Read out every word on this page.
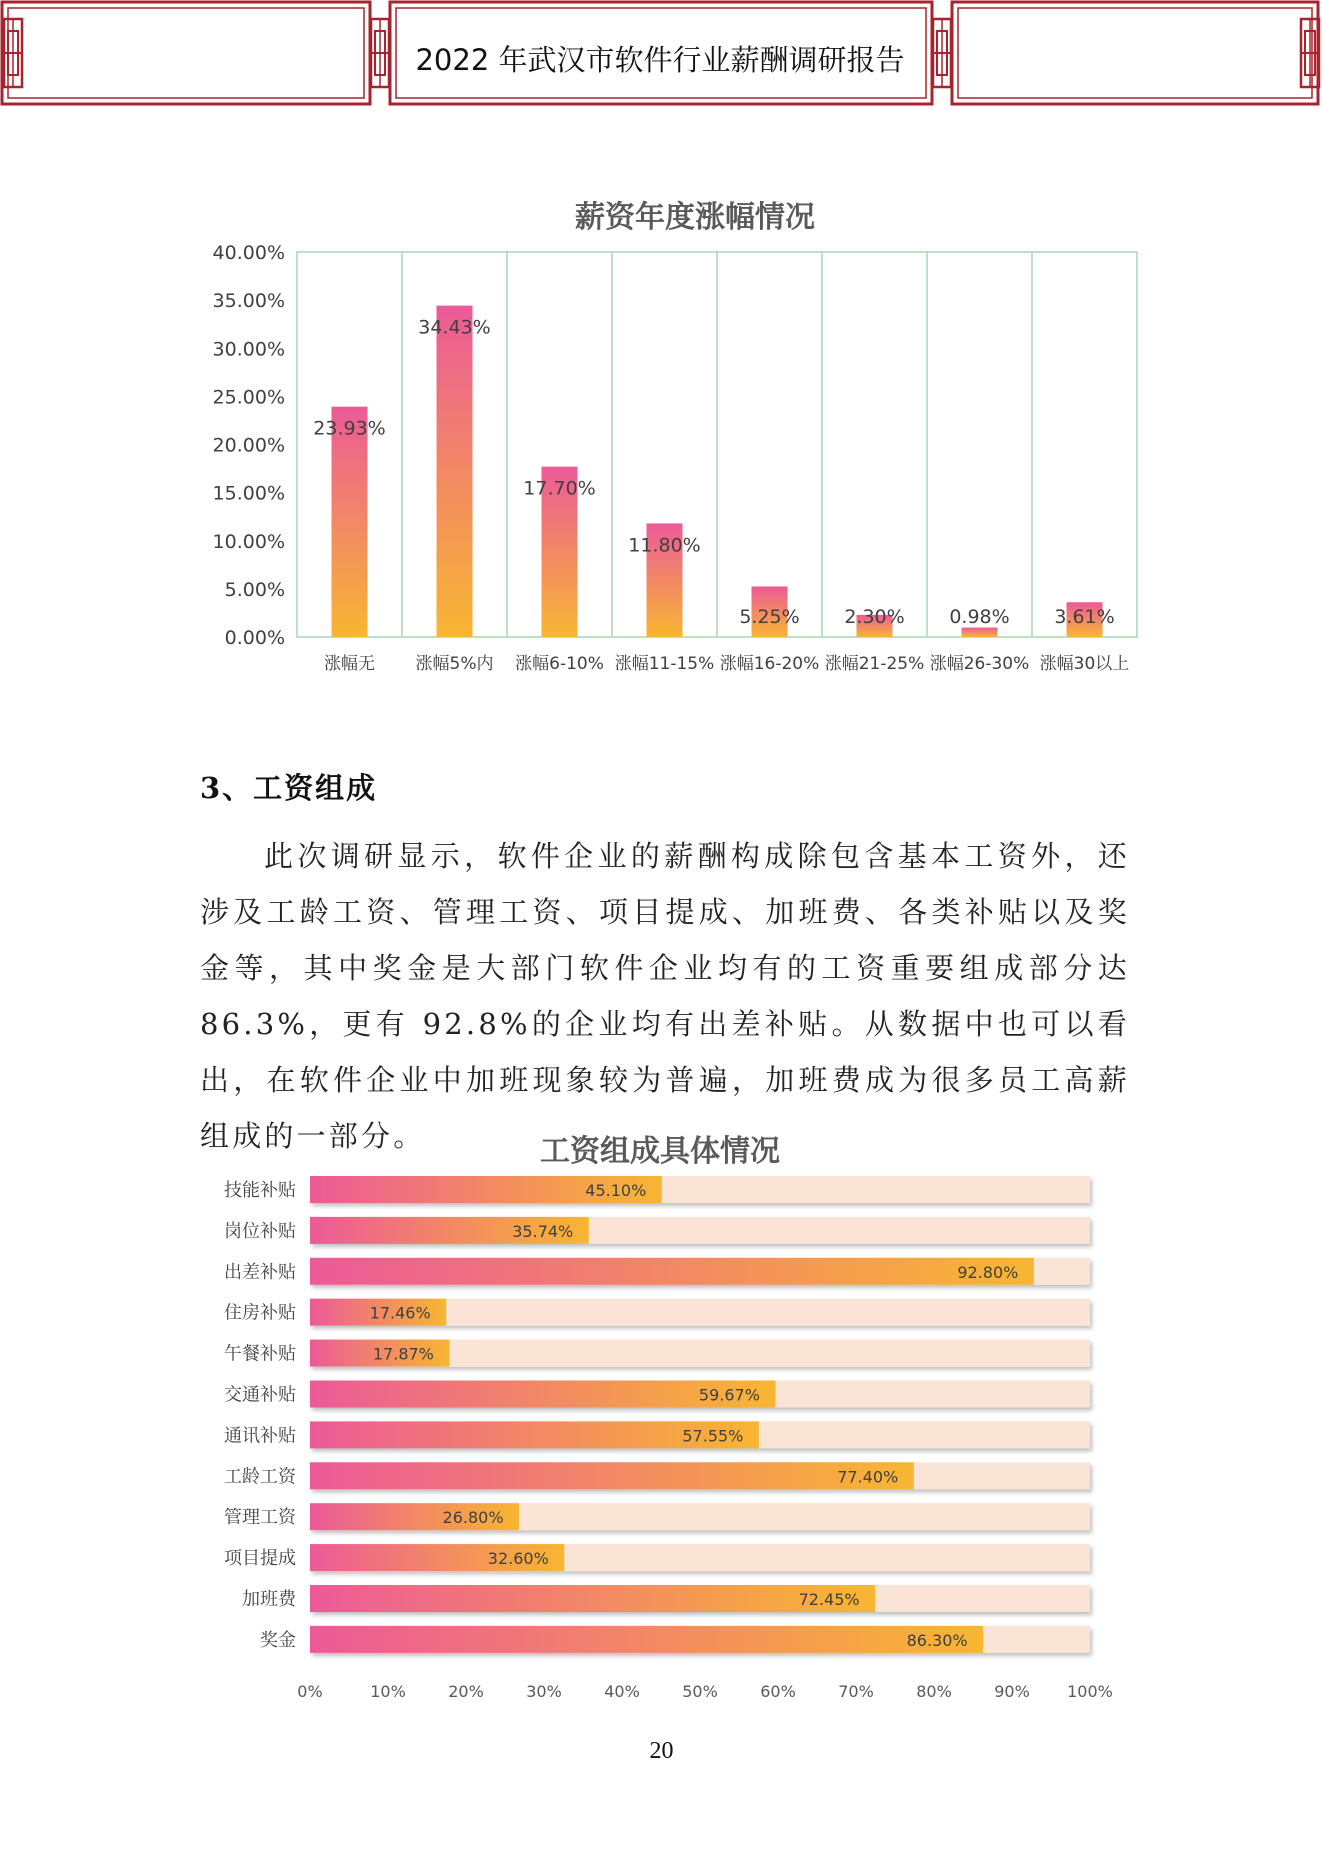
2022 年武汉市软件行业薪酬调研报告
薪资年度涨幅情况
0.00%
5.00%
10.00%
15.00%
20.00%
25.00%
30.00%
35.00%
40.00%
23.93%
涨幅无
34.43%
涨幅5%内
17.70%
涨幅6-10%
11.80%
涨幅11-15%
5.25%
涨幅16-20%
2.30%
涨幅21-25%
0.98%
涨幅26-30%
3.61%
涨幅30以上
3、工资组成
此次调研显示，软件企业的薪酬构成除包含基本工资外，还涉及工龄工资、管理工资、项目提成、加班费、各类补贴以及奖金等，其中奖金是大部门软件企业均有的工资重要组成部分达 86.3%，更有 92.8%的企业均有出差补贴。从数据中也可以看出，在软件企业中加班现象较为普遍，加班费成为很多员工高薪组成的一部分。	工资组成具体情况
45.10%
技能补贴
35.74%
岗位补贴
92.80%
出差补贴
17.46%
住房补贴
17.87%
午餐补贴
59.67%
交通补贴
57.55%
通讯补贴
77.40%
工龄工资
26.80%
管理工资
32.60%
项目提成
72.45%
加班费
86.30%
奖金
0%	10%	20%	30%	40%	50%	60%	70%	80%	90% 100%
20
